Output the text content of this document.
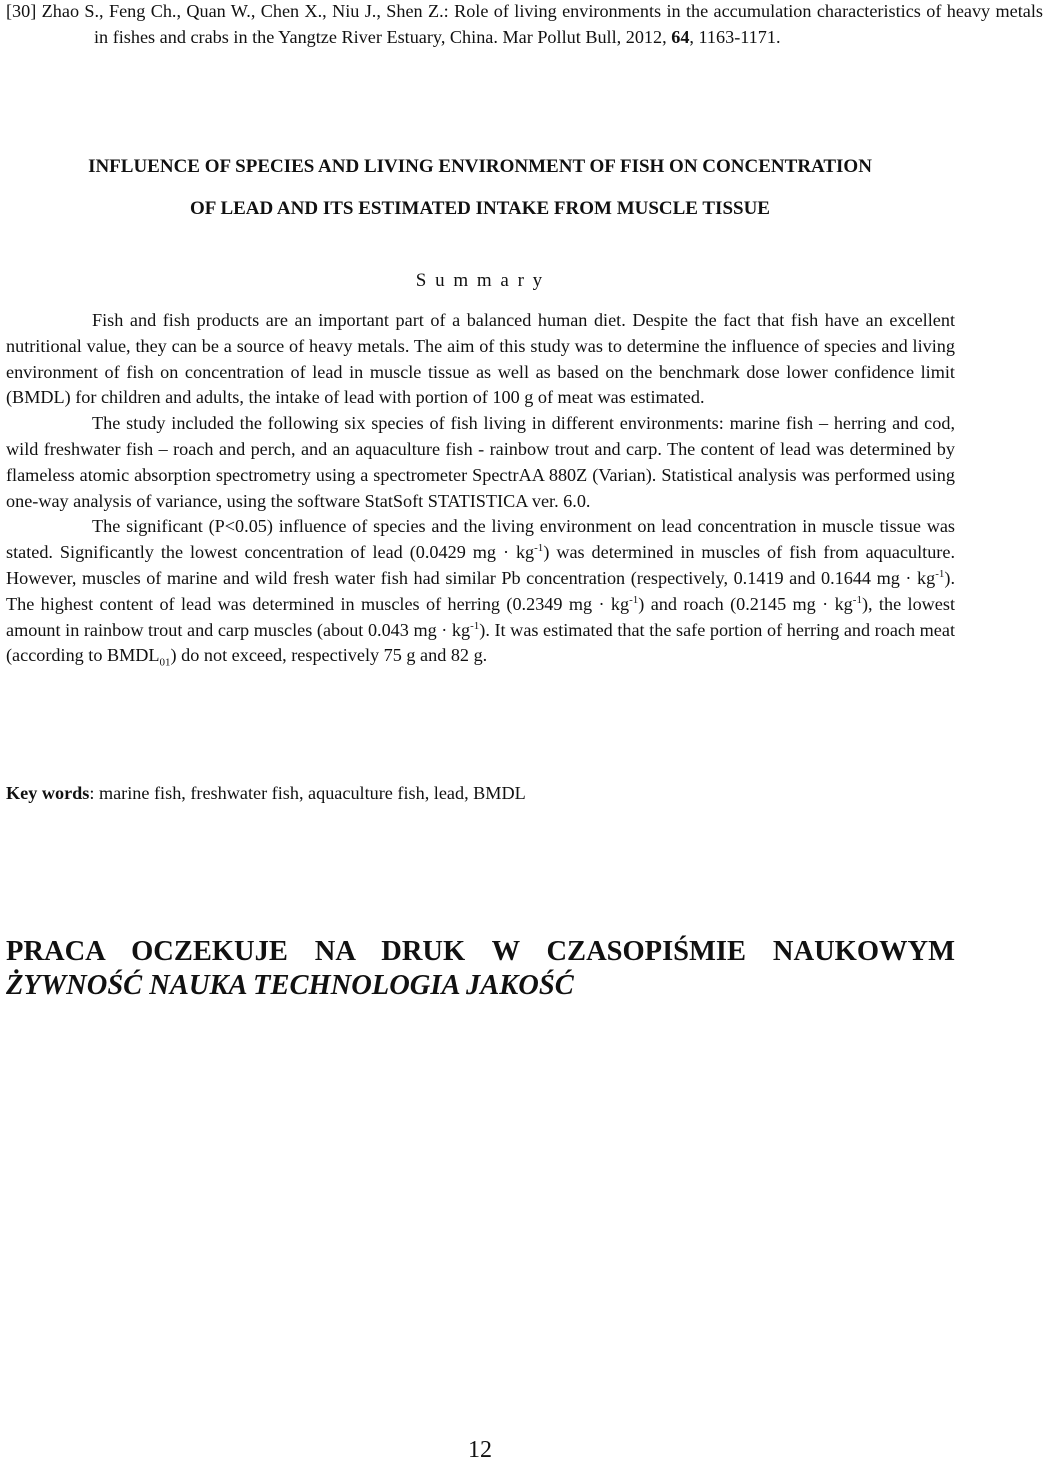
[30] Zhao S., Feng Ch., Quan W., Chen X., Niu J., Shen Z.: Role of living environments in the accumulation characteristics of heavy metals in fishes and crabs in the Yangtze River Estuary, China. Mar Pollut Bull, 2012, 64, 1163-1171.
INFLUENCE OF SPECIES AND LIVING ENVIRONMENT OF FISH ON CONCENTRATION
OF LEAD AND ITS ESTIMATED INTAKE FROM MUSCLE TISSUE
S u m m a r y
Fish and fish products are an important part of a balanced human diet. Despite the fact that fish have an excellent nutritional value, they can be a source of heavy metals. The aim of this study was to determine the influence of species and living environment of fish on concentration of lead in muscle tissue as well as based on the benchmark dose lower confidence limit (BMDL) for children and adults, the intake of lead with portion of 100 g of meat was estimated.
The study included the following six species of fish living in different environments: marine fish – herring and cod, wild freshwater fish – roach and perch, and an aquaculture fish - rainbow trout and carp. The content of lead was determined by flameless atomic absorption spectrometry using a spectrometer SpectrAA 880Z (Varian). Statistical analysis was performed using one-way analysis of variance, using the software StatSoft STATISTICA ver. 6.0.
The significant (P<0.05) influence of species and the living environment on lead concentration in muscle tissue was stated. Significantly the lowest concentration of lead (0.0429 mg · $kg^{-1}$) was determined in muscles of fish from aquaculture. However, muscles of marine and wild fresh water fish had similar Pb concentration (respectively, 0.1419 and 0.1644 mg · $kg^{-1}$). The highest content of lead was determined in muscles of herring (0.2349 mg · $kg^{-1}$) and roach (0.2145 mg · $kg^{-1}$), the lowest amount in rainbow trout and carp muscles (about 0.043 mg · $kg^{-1}$). It was estimated that the safe portion of herring and roach meat (according to $BMDL_{01}$) do not exceed, respectively 75 g and 82 g.
Key words: marine fish, freshwater fish, aquaculture fish, lead, BMDL
PRACA OCZEKUJE NA DRUK W CZASOPIŚMIE NAUKOWYM
ŻYWNOŚĆ NAUKA TECHNOLOGIA JAKOŚĆ
12
